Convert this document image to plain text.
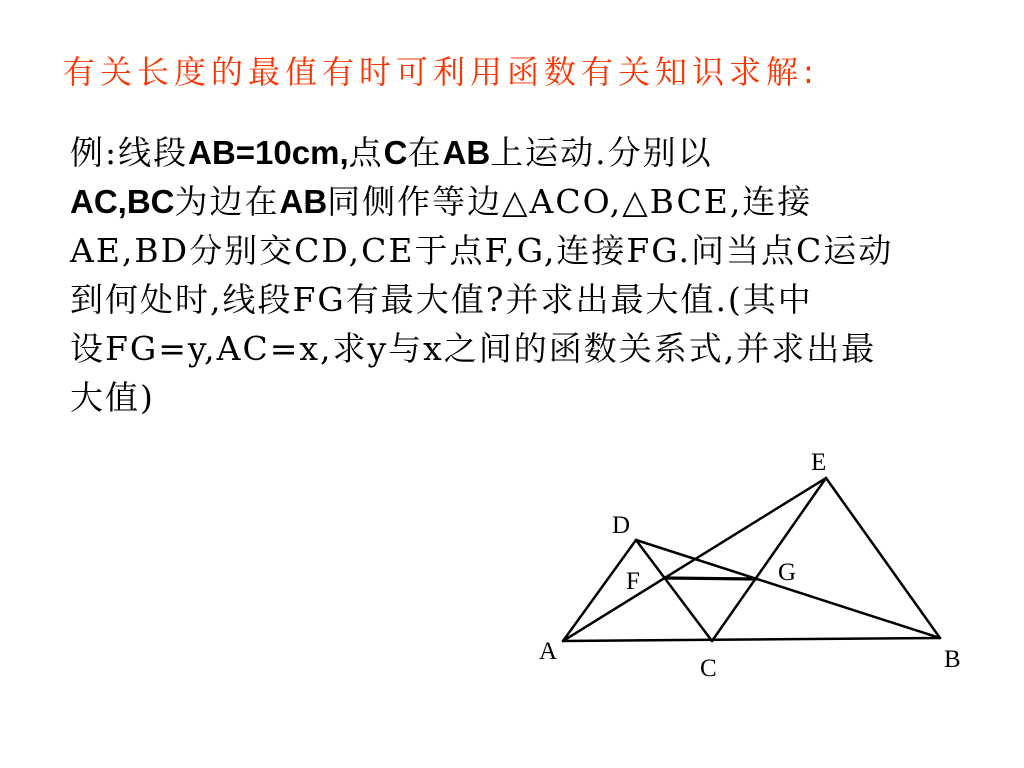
有关长度的最值有时可利用函数有关知识求解:
例:线段AB=10cm,点C在AB上运动.分别以
AC,BC为边在AB同侧作等边△ACO,△BCE,连接
AE,BD分别交CD,CE于点F,G,连接FG.问当点C运动
到何处时,线段FG有最大值?并求出最大值.(其中
设FG=y,AC=x,求y与x之间的函数关系式,并求出最
大值)
E
D
F	G
A
C	B
